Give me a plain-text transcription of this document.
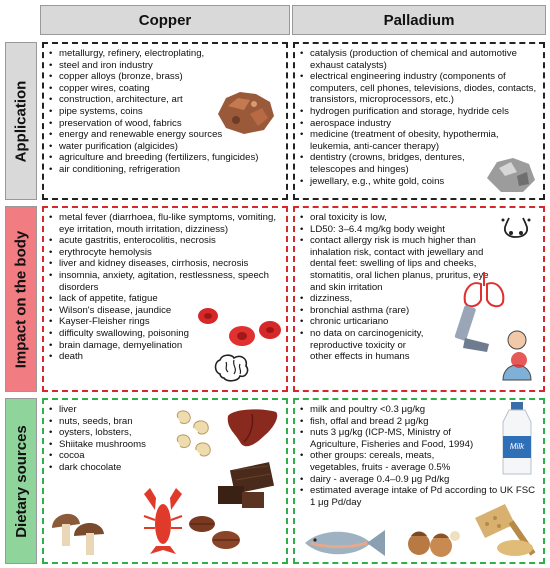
Copper	Palladium
Application
Impact on the body
Dietary sources
• metallurgy, refinery, electroplating,
• steel and iron industry
• copper alloys (bronze, brass)
• copper wires, coating
• construction, architecture, art
• pipe systems, coins
• preservation of wood, fabrics
• energy and renewable energy sources
• water purification (algicides)
• agriculture and breeding (fertilizers, fungicides)
• air conditioning, refrigeration
• catalysis (production of chemical and automotive exhaust catalysts)
• electrical engineering industry (components of computers, cell phones, televisions, diodes, contacts, transistors, microprocessors, etc.)
• hydrogen purification and storage, hydride cels
• aerospace industry
• medicine (treatment of obesity, hypothermia, leukemia, anti-cancer therapy)
• dentistry (crowns, bridges, dentures, telescopes and hinges)
• jewellary, e.g., white gold, coins
• metal fever (diarrhoea, flu-like symptoms, vomiting, eye irritation, mouth irritation, dizziness)
• acute gastritis, enterocolitis, necrosis
• erythrocyte hemolysis
• liver and kidney diseases, cirrhosis, necrosis
• insomnia, anxiety, agitation, restlessness, speech disorders
• lack of appetite, fatigue
• Wilson's disease, jaundice
• Kayser-Fleisher rings
• difficulty swallowing, poisoning
• brain damage, demyelination
• death
• oral toxicity is low,
• LD50: 3–6.4 mg/kg body weight
• contact allergy risk is much higher than inhalation risk, contact with jewellary and dental feet: swelling of lips and cheeks, stomatitis, oral lichen planus, pruritus, eye and skin irritation
• dizziness,
• bronchial asthma (rare)
• chronic urticariano
• no data on carcinogenicity, reproductive toxicity or other effects in humans
• liver
• nuts, seeds, bran
• oysters, lobsters,
• Shiitake mushrooms
• cocoa
• dark chocolate
• milk and poultry <0.3 μg/kg
• fish, offal and bread 2 μg/kg
• nuts 3 μg/kg (ICP-MS, Ministry of Agriculture, Fisheries and Food, 1994)
• other groups: cereals, meats, vegetables, fruits - average 0.5%
• dairy - average 0.4–0.9 μg Pd/kg
• estimated average intake of Pd according to UK FSC 1 μg Pd/day
Milk
